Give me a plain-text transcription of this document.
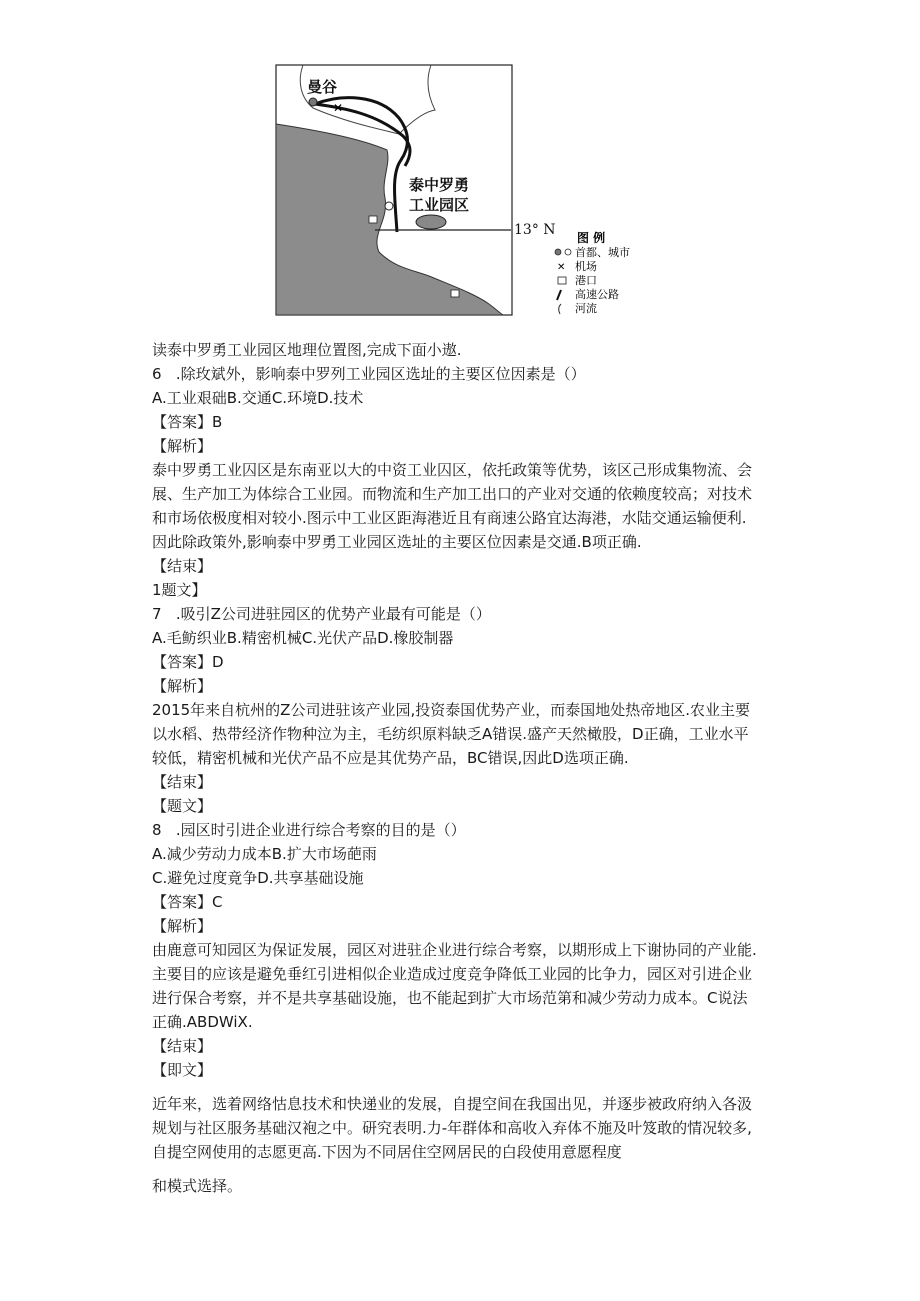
✕
曼谷
泰中罗勇
工业园区
13° N 图 例
首都、城市
✕ 机场
港口
高速公路
河流
读泰中罗勇工业园区地理位置图,完成下面小遨.
6   .除玫斌外，影响泰中罗列工业园区选址的主要区位因素是（）
A.工业艰础B.交通C.环境D.技术
【答案】B
【解析】
泰中罗勇工业囚区是东南亚以大的中资工业囚区，依托政策等优势，该区己形成集物流、会
展、生产加工为体综合工业园。而物流和生产加工出口的产业对交通的依赖度较高；对技术
和市场依极度相对较小.图示中工业区距海港近且有商速公路宜达海港，水陆交通运输便利.
因此除政策外,影响泰中罗勇工业园区选址的主要区位因素是交通.B项正确.
【结束】
1题文】
7   .吸引Z公司进驻园区的优势产业最有可能是（）
A.毛鲂织业B.精密机械C.光伏产品D.橡胶制器
【答案】D
【解析】
2015年来自杭州的Z公司进驻该产业园,投资泰国优势产业，而泰国地处热帝地区.农业主要
以水稻、热带经济作物种泣为主，毛纺织原料缺乏A错误.盛产天然橄股，D正确，工业水平
较低，精密机械和光伏产品不应是其优势产品，BC错误,因此D选项正确.
【结束】
【题文】
8   .园区时引进企业进行综合考察的目的是（）
A.减少劳动力成本B.扩大市场葩雨
C.避免过度竟争D.共享基础设施
【答案】C
【解析】
由鹿意可知园区为保证发展，园区对进驻企业进行综合考察，以期形成上下谢协同的产业能.
主要目的应该是避免垂红引进相似企业造成过度竞争降低工业园的比争力，园区对引进企业
进行保合考察，并不是共享基础设施，也不能起到扩大市场范第和减少劳动力成本。C说法
正确.ABDWiX.
【结束】
【即文】
近年来，选着网络怙息技术和快递业的发展，自提空间在我国出见，并逐步被政府纳入各汲
规划与社区服务基础汉袍之中。研究表明.力-年群体和高收入弃体不施及叶笈敢的情况较多,
自提空网使用的志愿更高.下因为不同居住空网居民的白段使用意愿程度
和模式选择。
